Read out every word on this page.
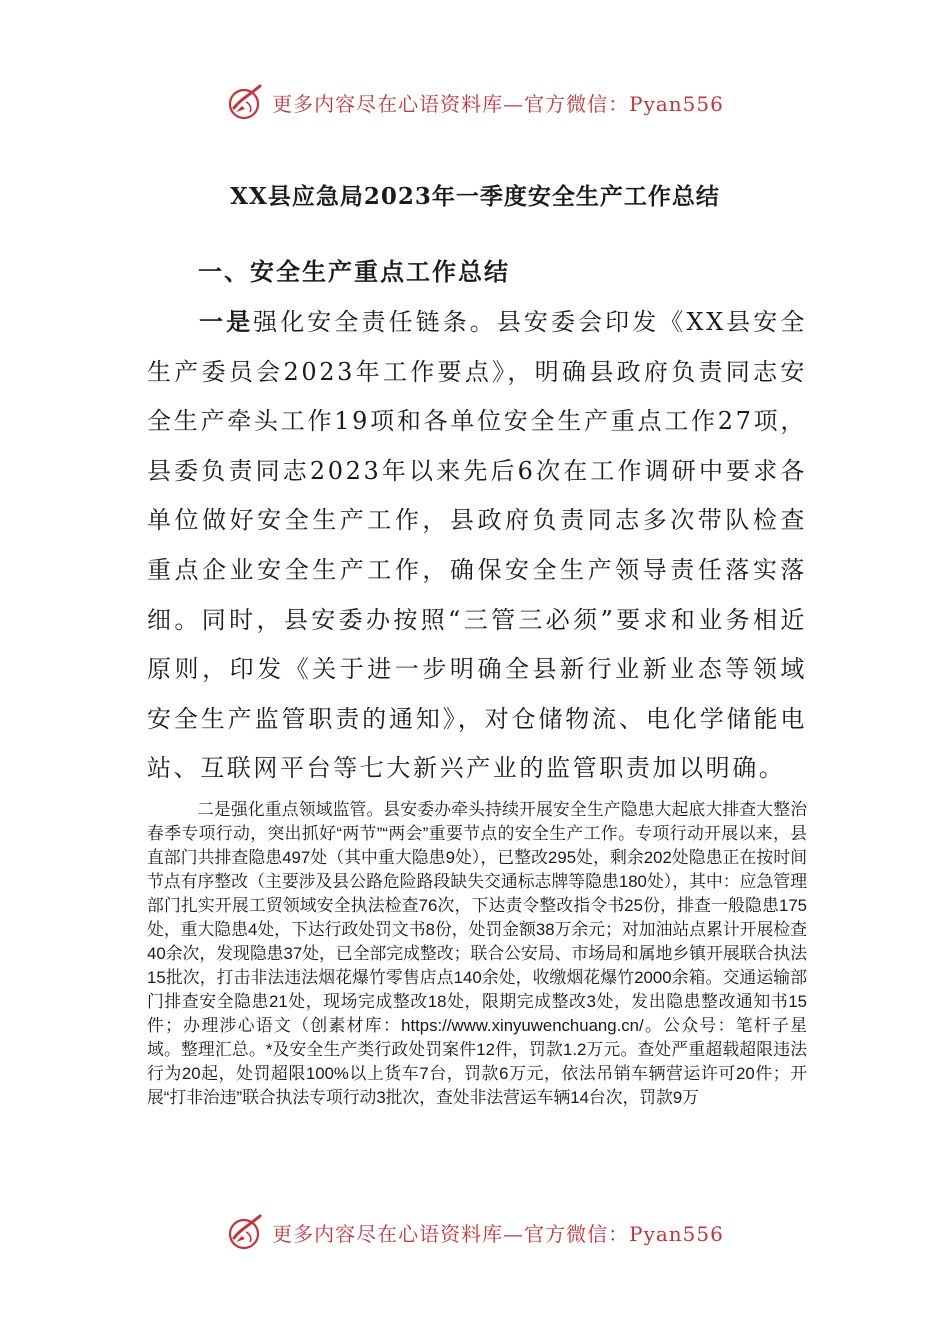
更多内容尽在心语资料库—官方微信：Pyan556
XX县应急局2023年一季度安全生产工作总结
一、安全生产重点工作总结

一是强化安全责任链条。县安委会印发《XX县安全生产委员会2023年工作要点》，明确县政府负责同志安全生产牵头工作19项和各单位安全生产重点工作27项，县委负责同志2023年以来先后6次在工作调研中要求各单位做好安全生产工作，县政府负责同志多次带队检查重点企业安全生产工作，确保安全生产领导责任落实落细。同时，县安委办按照“三管三必须”要求和业务相近原则，印发《关于进一步明确全县新行业新业态等领域安全生产监管职责的通知》，对仓储物流、电化学储能电站、互联网平台等七大新兴产业的监管职责加以明确。

二是强化重点领域监管。县安委办牵头持续开展安全生产隐患大起底大排查大整治春季专项行动，突出抓好“两节”“两会”重要节点的安全生产工作。专项行动开展以来，县直部门共排查隐患497处（其中重大隐患9处），已整改295处，剩余202处隐患正在按时间节点有序整改（主要涉及县公路危险路段缺失交通标志牌等隐患180处），其中：应急管理部门扎实开展工贸领域安全执法检查76次，下达责令整改指令书25份，排查一般隐患175处，重大隐患4处，下达行政处罚文书8份，处罚金额38万余元；对加油站点累计开展检查40余次，发现隐患37处，已全部完成整改；联合公安局、市场局和属地乡镇开展联合执法15批次，打击非法违法烟花爆竹零售店点140余处，收缴烟花爆竹2000余箱。交通运输部门排查安全隐患21处，现场完成整改18处，限期完成整改3处，发出隐患整改通知书15件；办理涉心语文（创素材库：https://www.xinyuwenchuang.cn/。公众号：笔杆子星域。整理汇总。*及安全生产类行政处罚案件12件，罚款1.2万元。查处严重超载超限违法行为20起，处罚超限100%以上货车7台，罚款6万元，依法吊销车辆营运许可20件；开展“打非治违”联合执法专项行动3批次，查处非法营运车辆14台次，罚款9万

更多内容尽在心语资料库—官方微信：Pyan556
